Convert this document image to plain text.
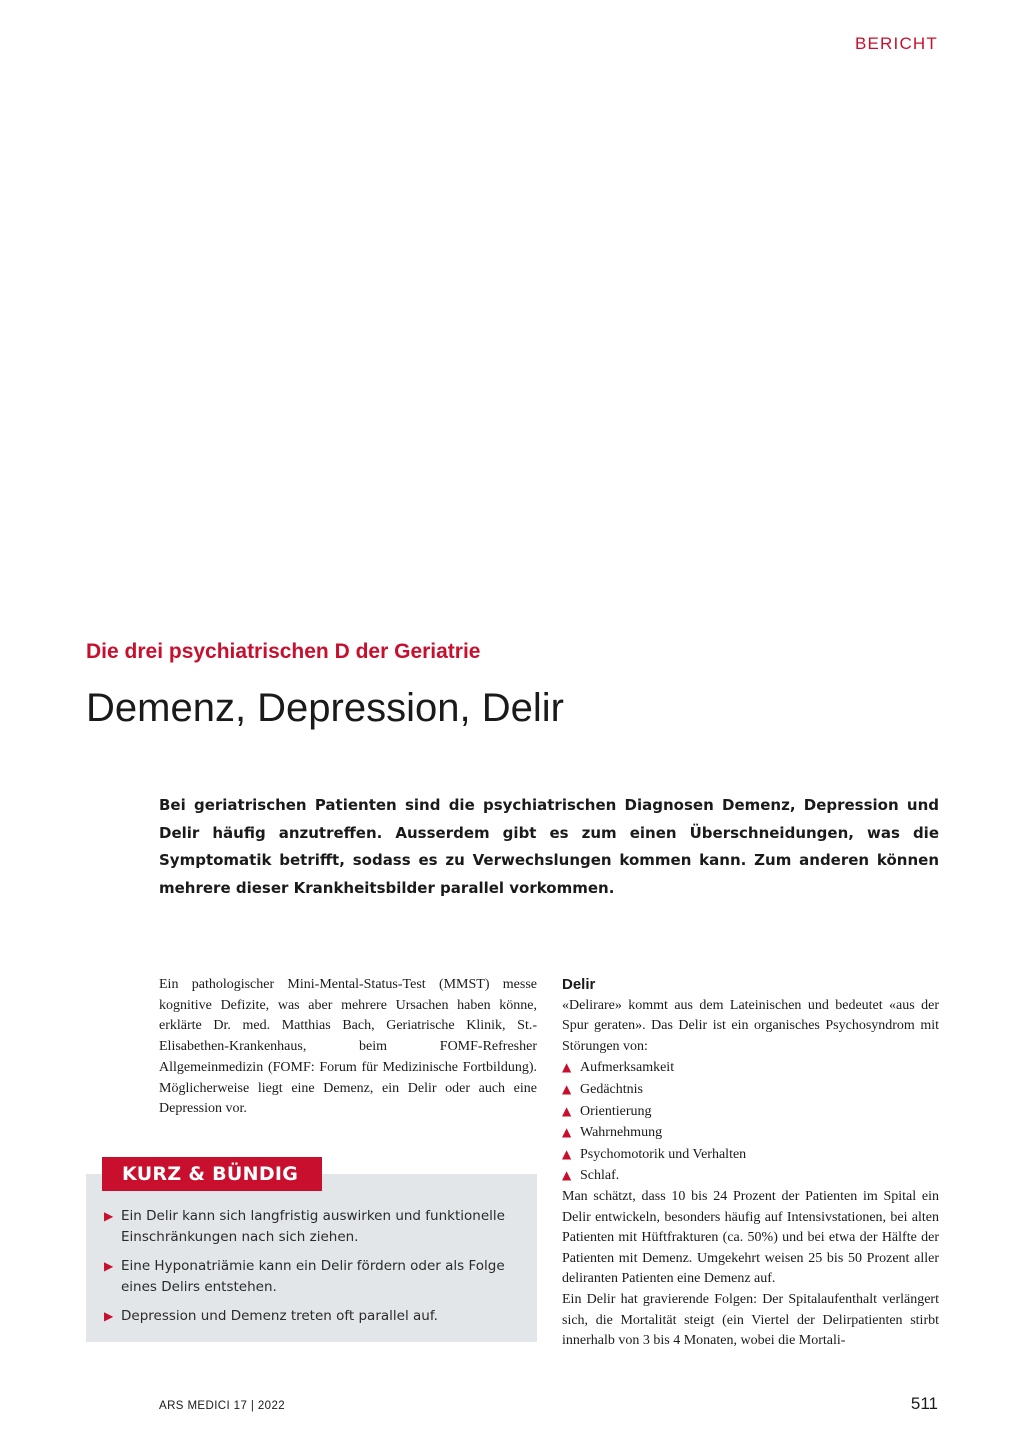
BERICHT
Die drei psychiatrischen D der Geriatrie
Demenz, Depression, Delir
Bei geriatrischen Patienten sind die psychiatrischen Diagnosen Demenz, Depression und Delir häufig anzutreffen. Ausserdem gibt es zum einen Überschneidungen, was die Symptomatik betrifft, sodass es zu Verwechslungen kommen kann. Zum anderen können mehrere dieser Krankheitsbilder parallel vorkommen.

Ein pathologischer Mini-Mental-Status-Test (MMST) messe kognitive Defizite, was aber mehrere Ursachen haben könne, erklärte Dr. med. Matthias Bach, Geriatrische Klinik, St.-Elisabethen-Krankenhaus, beim FOMF-Refresher Allgemeinmedizin (FOMF: Forum für Medizinische Fortbildung). Möglicherweise liegt eine Demenz, ein Delir oder auch eine Depression vor.

KURZ & BÜNDIG
▶ Ein Delir kann sich langfristig auswirken und funktionelle Einschränkungen nach sich ziehen.
▶ Eine Hyponatriämie kann ein Delir fördern oder als Folge eines Delirs entstehen.
▶ Depression und Demenz treten oft parallel auf.
Delir

«Delirare» kommt aus dem Lateinischen und bedeutet «aus der Spur geraten». Das Delir ist ein organisches Psychosyndrom mit Störungen von:

▲ Aufmerksamkeit
▲ Gedächtnis
▲ Orientierung
▲ Wahrnehmung
▲ Psychomotorik und Verhalten
▲ Schlaf.

Man schätzt, dass 10 bis 24 Prozent der Patienten im Spital ein Delir entwickeln, besonders häufig auf Intensivstationen, bei alten Patienten mit Hüftfrakturen (ca. 50%) und bei etwa der Hälfte der Patienten mit Demenz. Umgekehrt weisen 25 bis 50 Prozent aller deliranten Patienten eine Demenz auf.

Ein Delir hat gravierende Folgen: Der Spitalaufenthalt verlängert sich, die Mortalität steigt (ein Viertel der Delirpatienten stirbt innerhalb von 3 bis 4 Monaten, wobei die Mortali-

ARS MEDICI 17 | 2022	511
